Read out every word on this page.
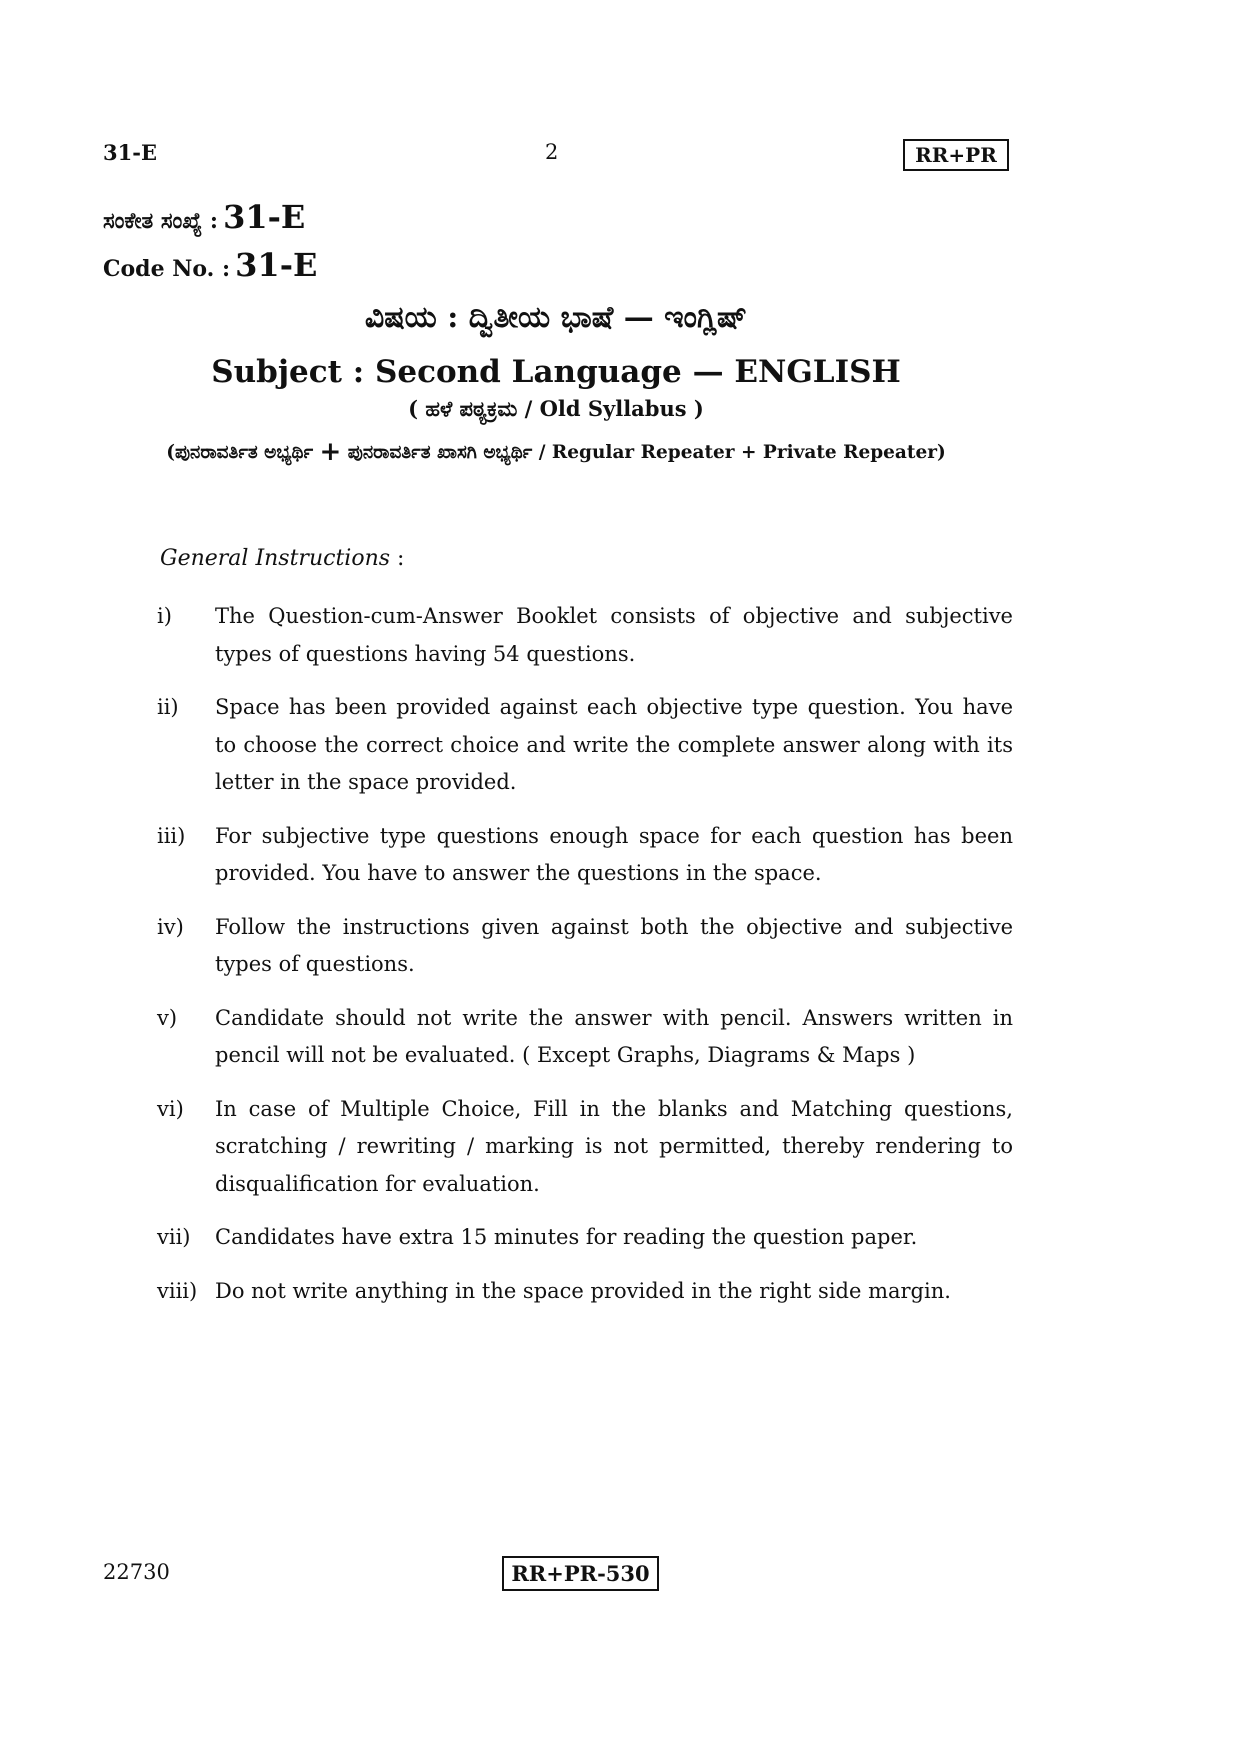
31-E	2	RR+PR
ಸಂಕೇತ ಸಂಖ್ಯೆ : 31-E
Code No. : 31-E
ವಿಷಯ : ದ್ವಿತೀಯ ಭಾಷೆ — ಇಂಗ್ಲಿಷ್
Subject : Second Language — ENGLISH
( ಹಳೆ ಪಠ್ಯಕ್ರಮ / Old Syllabus )
(ಪುನರಾವರ್ತಿತ ಅಭ್ಯರ್ಥಿ + ಪುನರಾವರ್ತಿತ ಖಾಸಗಿ ಅಭ್ಯರ್ಥಿ / Regular Repeater + Private Repeater)
General Instructions :
i)	The Question-cum-Answer Booklet consists of objective and subjective types of questions having 54 questions.
ii)	Space has been provided against each objective type question. You have to choose the correct choice and write the complete answer along with its letter in the space provided.
iii)	For subjective type questions enough space for each question has been provided. You have to answer the questions in the space.
iv)	Follow the instructions given against both the objective and subjective types of questions.
v)	Candidate should not write the answer with pencil. Answers written in pencil will not be evaluated. ( Except Graphs, Diagrams & Maps )
vi)	In case of Multiple Choice, Fill in the blanks and Matching questions, scratching / rewriting / marking is not permitted, thereby rendering to disqualification for evaluation.
vii)	Candidates have extra 15 minutes for reading the question paper.
viii) Do not write anything in the space provided in the right side margin.
22730	RR+PR-530
